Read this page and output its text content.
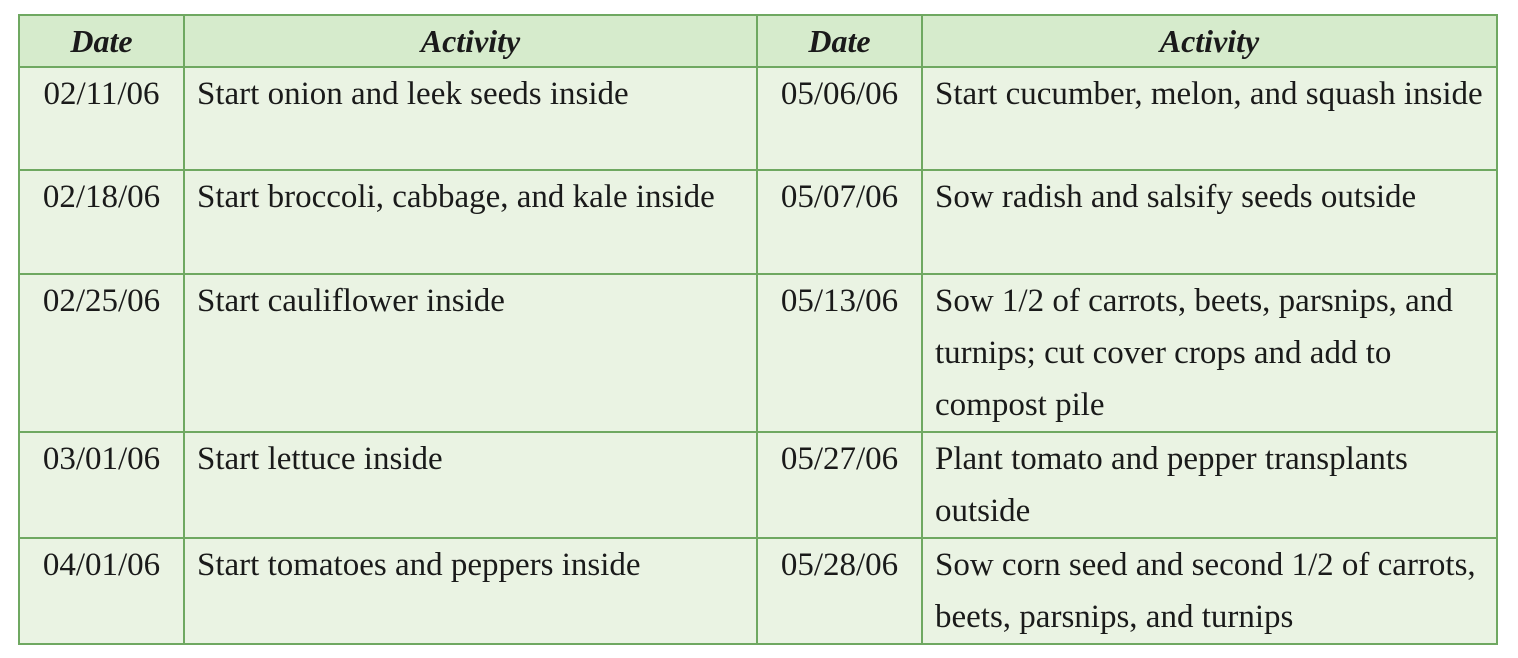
Date	Activity	Date	Activity
02/11/06	Start onion and leek seeds inside	05/06/06	Start cucumber, melon, and squash inside
02/18/06	Start broccoli, cabbage, and kale inside	05/07/06	Sow radish and salsify seeds outside
02/25/06	Start cauliflower inside	05/13/06	Sow 1/2 of carrots, beets, parsnips, and turnips; cut cover crops and add to compost pile
03/01/06	Start lettuce inside	05/27/06	Plant tomato and pepper transplants outside
04/01/06	Start tomatoes and peppers inside	05/28/06	Sow corn seed and second 1/2 of carrots, beets, parsnips, and turnips
